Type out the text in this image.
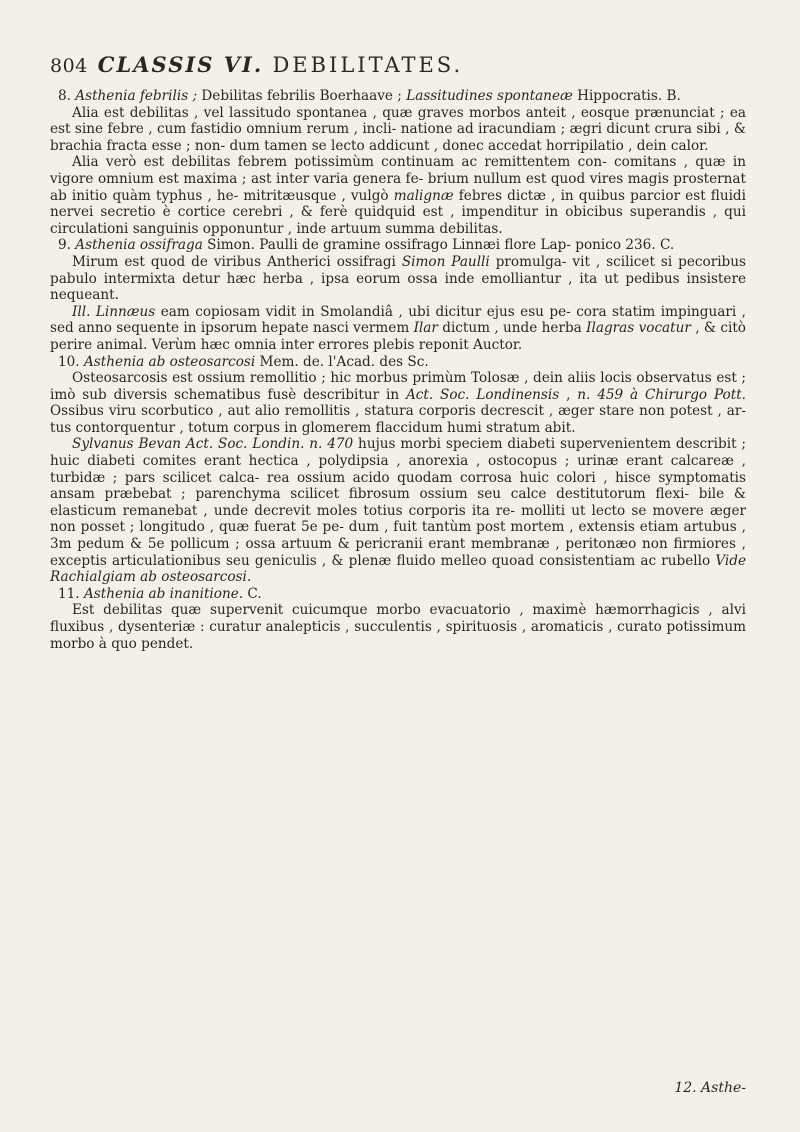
804 CLASSIS VI. DEBILITATES.

8. Asthenia febrilis ; Debilitas febrilis Boerhaave ; Lassitudines spontaneæ Hippocratis. B.

Alia est debilitas , vel lassitudo spontanea , quæ graves morbos anteit , eosque prænunciat ; ea est sine febre , cum fastidio omnium rerum , incli- natione ad iracundiam ; ægri dicunt crura sibi , & brachia fracta esse ; non- dum tamen se lecto addicunt , donec accedat horripilatio , dein calor.

Alia verò est debilitas febrem potissimùm continuam ac remittentem con- comitans , quæ in vigore omnium est maxima ; ast inter varia genera fe- brium nullum est quod vires magis prosternat ab initio quàm typhus , he- mitritæusque , vulgò malignæ febres dictæ , in quibus parcior est fluidi nervei secretio è cortice cerebri , & ferè quidquid est , impenditur in obicibus superandis , qui circulationi sanguinis opponuntur , inde artuum summa debilitas.

9. Asthenia ossifraga Simon. Paulli de gramine ossifrago Linnæi flore Lap- ponico 236. C.

Mirum est quod de viribus Antherici ossifragi Simon Paulli promulga- vit , scilicet si pecoribus pabulo intermixta detur hæc herba , ipsa eorum ossa inde emolliantur , ita ut pedibus insistere nequeant.

Ill. Linnæus eam copiosam vidit in Smolandiâ , ubi dicitur ejus esu pe- cora statim impinguari , sed anno sequente in ipsorum hepate nasci vermem Ilar dictum , unde herba Ilagras vocatur , & citò perire animal. Verùm hæc omnia inter errores plebis reponit Auctor.

10. Asthenia ab osteosarcosi Mem. de. l'Acad. des Sc.

Osteosarcosis est ossium remollitio ; hic morbus primùm Tolosæ , dein aliis locis observatus est ; imò sub diversis schematibus fusè describitur in Act. Soc. Londinensis , n. 459 à Chirurgo Pott. Ossibus viru scorbutico , aut alio remollitis , statura corporis decrescit , æger stare non potest , ar- tus contorquentur , totum corpus in glomerem flaccidum humi stratum abit.

Sylvanus Bevan Act. Soc. Londin. n. 470 hujus morbi speciem diabeti supervenientem describit ; huic diabeti comites erant hectica , polydipsia , anorexia , ostocopus ; urinæ erant calcareæ , turbidæ ; pars scilicet calca- rea ossium acido quodam corrosa huic colori , hisce symptomatis ansam præbebat ; parenchyma scilicet fibrosum ossium seu calce destitutorum flexi- bile & elasticum remanebat , unde decrevit moles totius corporis ita re- molliti ut lecto se movere æger non posset ; longitudo , quæ fuerat 5e pe- dum , fuit tantùm post mortem , extensis etiam artubus , 3m pedum & 5e pollicum ; ossa artuum & pericranii erant membranæ , peritonæo non firmiores , exceptis articulationibus seu geniculis , & plenæ fluido melleo quoad consistentiam ac rubello Vide Rachialgiam ab osteosarcosi.

11. Asthenia ab inanitione. C.

Est debilitas quæ supervenit cuicumque morbo evacuatorio , maximè hæmorrhagicis , alvi fluxibus , dysenteriæ : curatur analepticis , succulentis , spirituosis , aromaticis , curato potissimum morbo à quo pendet.

12. Asthe-
